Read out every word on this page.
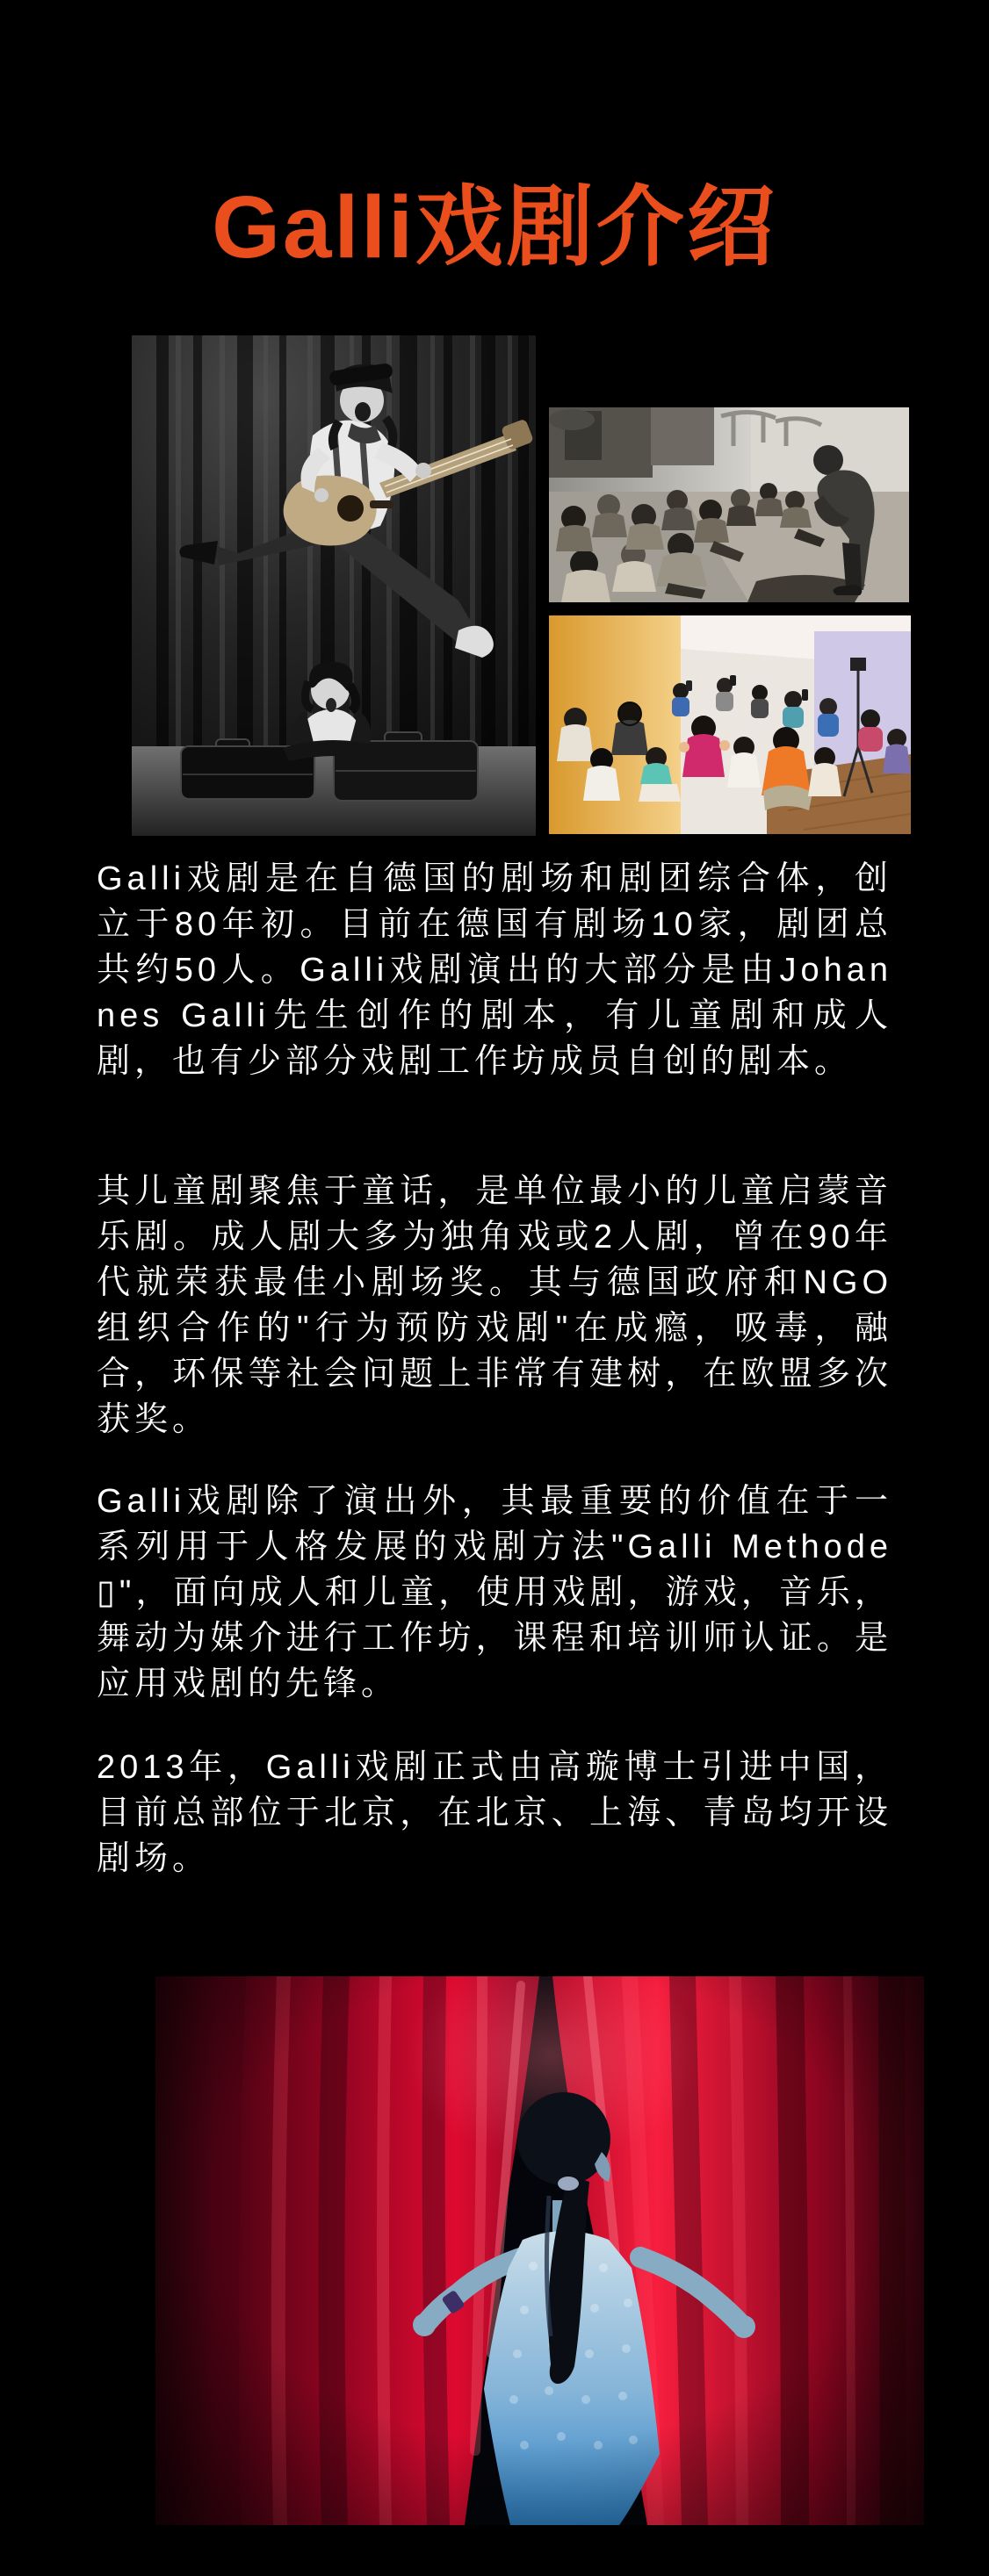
Galli戏剧介绍

Galli戏剧是在自德国的剧场和剧团综合体，创立于80年初。目前在德国有剧场10家，剧团总共约50人。Galli戏剧演出的大部分是由Johannes Galli先生创作的剧本，有儿童剧和成人剧，也有少部分戏剧工作坊成员自创的剧本。

其儿童剧聚焦于童话，是单位最小的儿童启蒙音乐剧。成人剧大多为独角戏或2人剧，曾在90年代就荣获最佳小剧场奖。其与德国政府和NGO组织合作的"行为预防戏剧"在成瘾，吸毒，融合，环保等社会问题上非常有建树，在欧盟多次获奖。

Galli戏剧除了演出外，其最重要的价值在于一系列用于人格发展的戏剧方法"Galli Methode▯"，面向成人和儿童，使用戏剧，游戏，音乐，舞动为媒介进行工作坊，课程和培训师认证。是应用戏剧的先锋。

2013年，Galli戏剧正式由高璇博士引进中国，目前总部位于北京，在北京、上海、青岛均开设剧场。
